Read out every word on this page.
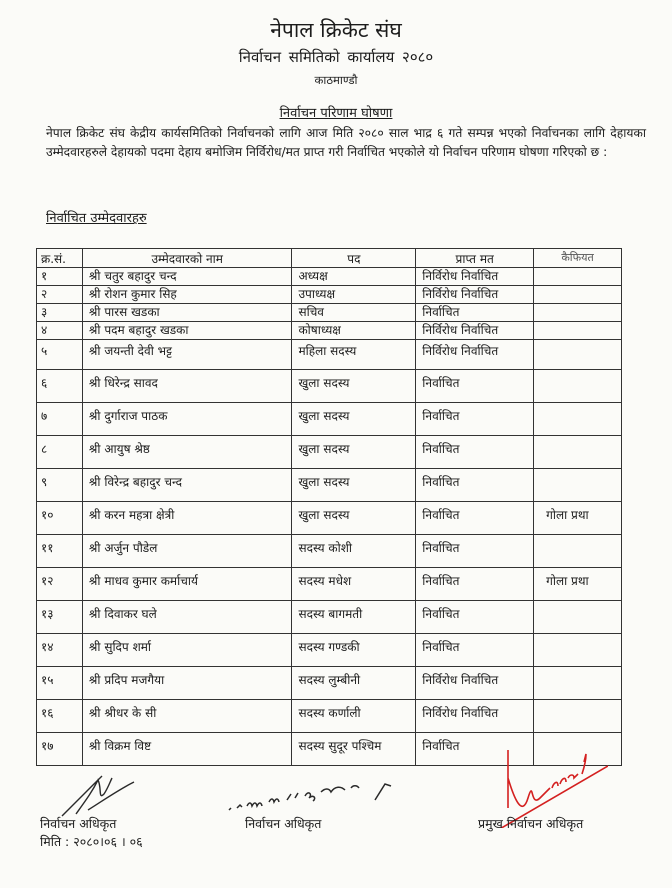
नेपाल क्रिकेट संघ
निर्वाचन समितिको कार्यालय २०८०
काठमाण्डौ
निर्वाचन परिणाम घोषणा
नेपाल क्रिकेट संघ केद्रीय कार्यसमितिको निर्वाचनको लागि आज मिति २०८० साल भाद्र ६ गते सम्पन्न भएको निर्वाचनका लागि देहायका उम्मेदवारहरुले देहायको पदमा देहाय बमोजिम निर्विरोध/मत प्राप्त गरी निर्वाचित भएकोले यो निर्वाचन परिणाम घोषणा गरिएको छ :
निर्वाचित उम्मेदवारहरु
क्र.सं.	उम्मेदवारको नाम	पद	प्राप्त मत	कैफियत
१	श्री चतुर बहादुर चन्द	अध्यक्ष	निर्विरोध निर्वाचित	
२	श्री रोशन कुमार सिह	उपाध्यक्ष	निर्विरोध निर्वाचित	
३	श्री पारस खडका	सचिव	निर्वाचित	
४	श्री पदम बहादुर खडका	कोषाध्यक्ष	निर्विरोध निर्वाचित	
५	श्री जयन्ती देवी भट्ट	महिला सदस्य	निर्विरोध निर्वाचित	
६	श्री धिरेन्द्र सावद	खुला सदस्य	निर्वाचित	
७	श्री दुर्गाराज पाठक	खुला सदस्य	निर्वाचित	
८	श्री आयुष श्रेष्ठ	खुला सदस्य	निर्वाचित	
९	श्री विरेन्द्र बहादुर चन्द	खुला सदस्य	निर्वाचित	
१०	श्री करन महत्रा क्षेत्री	खुला सदस्य	निर्वाचित	गोला प्रथा
११	श्री अर्जुन पौडेल	सदस्य कोशी	निर्वाचित	
१२	श्री माधव कुमार कर्माचार्य	सदस्य मधेश	निर्वाचित	गोला प्रथा
१३	श्री दिवाकर घले	सदस्य बागमती	निर्वाचित	
१४	श्री सुदिप शर्मा	सदस्य गण्डकी	निर्वाचित	
१५	श्री प्रदिप मजगैया	सदस्य लुम्बीनी	निर्विरोध निर्वाचित	
१६	श्री श्रीधर के सी	सदस्य कर्णाली	निर्विरोध निर्वाचित	
१७	श्री विक्रम विष्ट	सदस्य सुदूर पश्चिम	निर्वाचित	
निर्वाचन अधिकृत
मिति : २०८०।०६ । ०६
निर्वाचन अधिकृत	प्रमुख निर्वाचन अधिकृत
